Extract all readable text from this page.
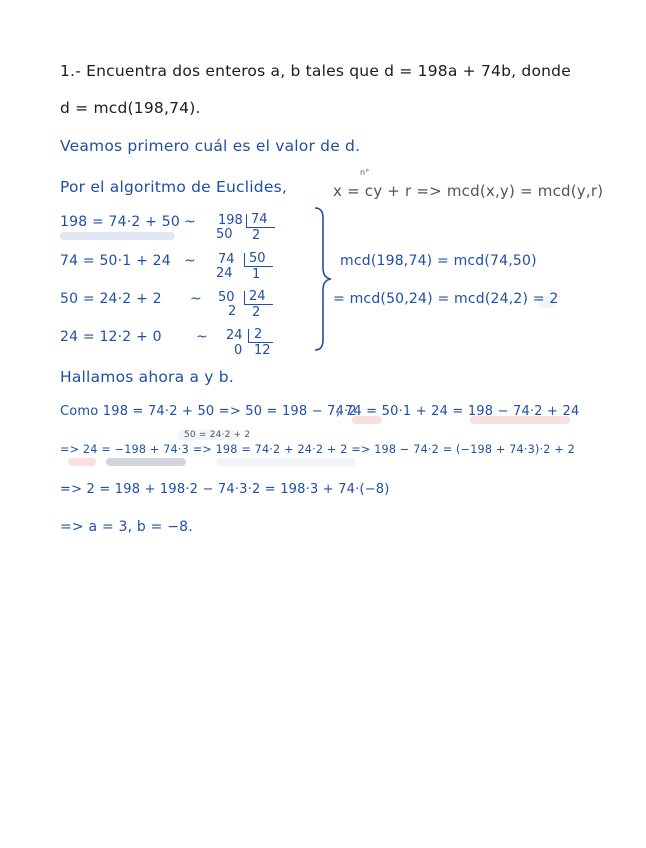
1.- Encuentra dos enteros a, b tales que d = 198a + 74b, donde
d = mcd(198,74).
Veamos primero cuál es el valor de d.
Por el algoritmo de Euclides,
n°
x = cy + r => mcd(x,y) = mcd(y,r)
198 = 74·2 + 50
74 = 50·1 + 24
50 = 24·2 + 2
24 = 12·2 + 0
~
~
~
~
198 74
50 2
74 50
24 1
50 24
2 2
24 2
0 12
mcd(198,74) = mcd(74,50)
= mcd(50,24) = mcd(24,2) = 2
Hallamos ahora a y b.
Como 198 = 74·2 + 50 => 50 = 198 − 74·2
; 74 = 50·1 + 24 = 198 − 74·2 + 24
50 = 24·2 + 2
=> 24 = −198 + 74·3 => 198 = 74·2 + 24·2 + 2 => 198 − 74·2 = (−198 + 74·3)·2 + 2
=> 2 = 198 + 198·2 − 74·3·2 = 198·3 + 74·(−8)
=> a = 3, b = −8.
